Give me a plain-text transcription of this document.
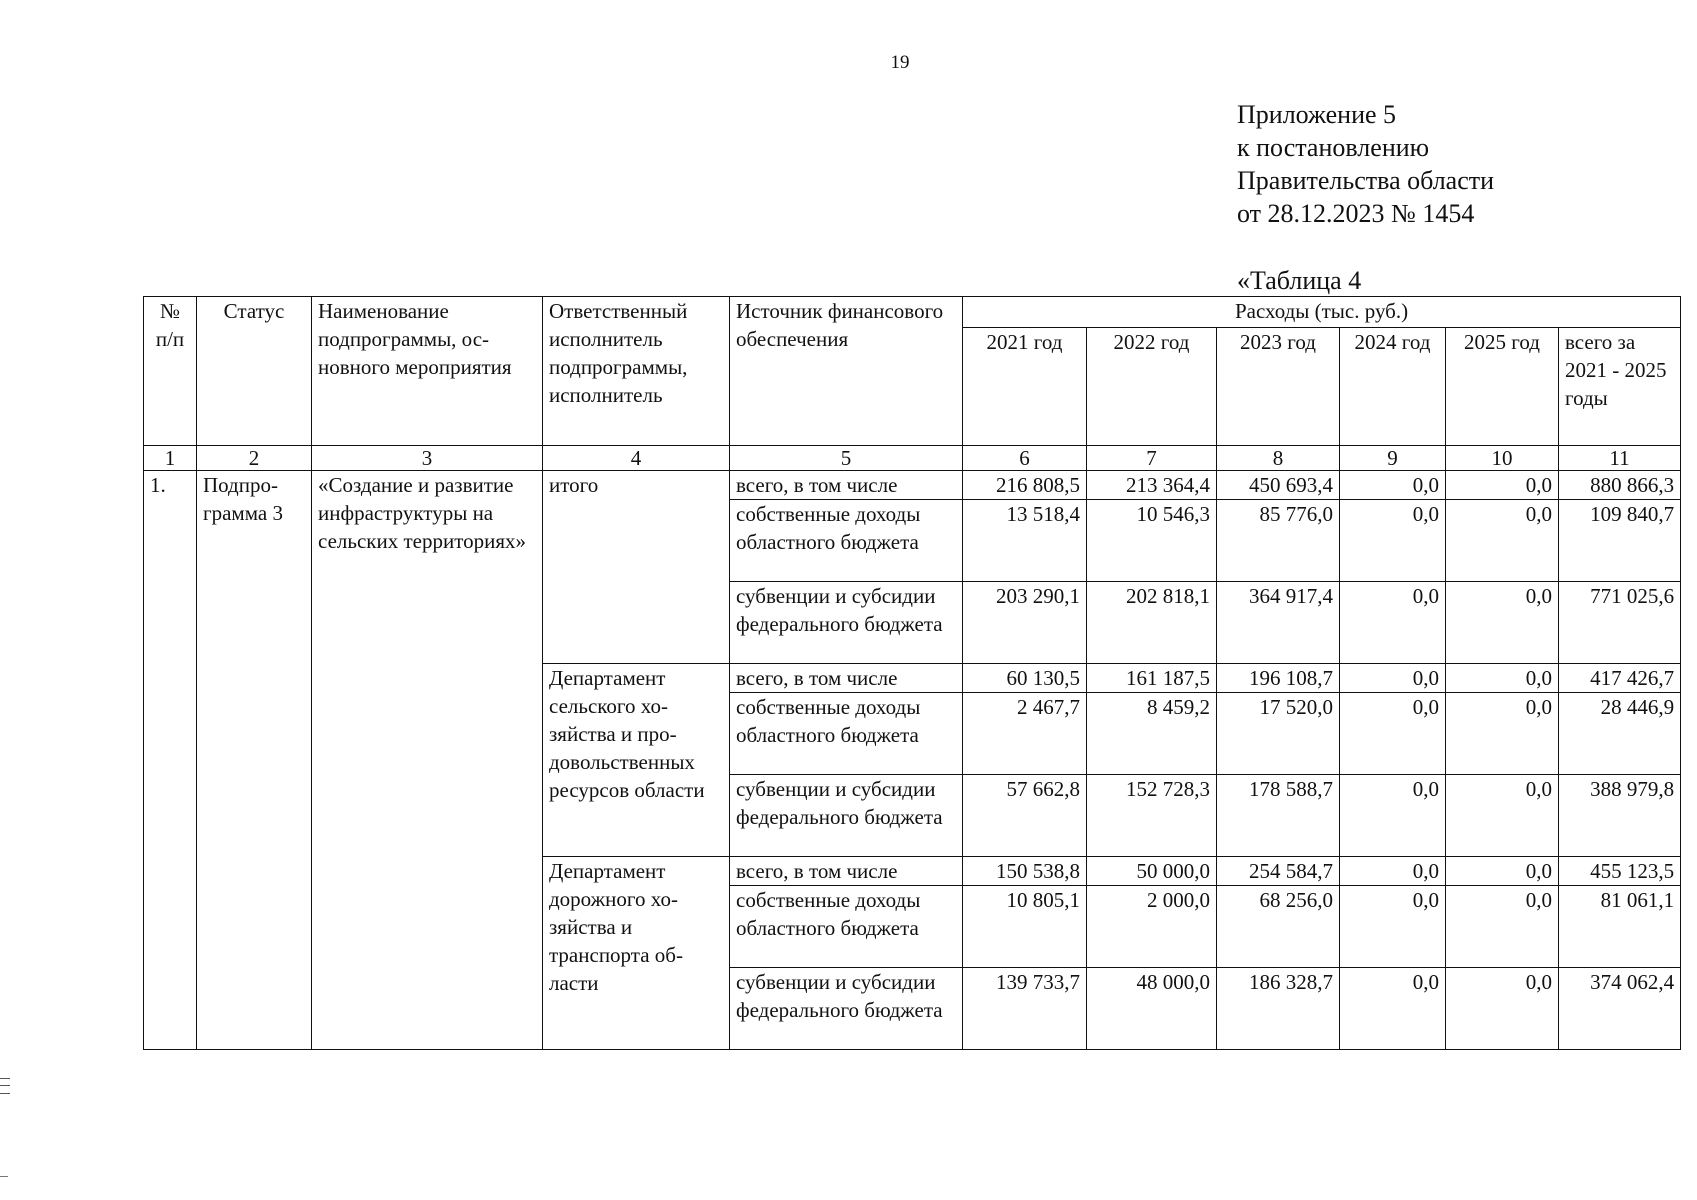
19
Приложение 5
к постановлению
Правительства области
от 28.12.2023 № 1454
«Таблица 4
№ п/п	Статус	Наименование подпрограммы, основного мероприятия	Ответственный исполнитель подпрограммы, исполнитель	Источник финансового обеспечения	Расходы (тыс. руб.)					
					2021 год	2022 год	2023 год	2024 год	2025 год	всего за 2021 - 2025 годы
1	2	3	4	5	6	7	8	9	10	11
1.	Подпрограмма 3	«Создание и развитие инфраструктуры на сельских территориях»	итого	всего, в том числе	216 808,5	213 364,4	450 693,4	0,0	0,0	880 866,3
				собственные доходы областного бюджета	13 518,4	10 546,3	85 776,0	0,0	0,0	109 840,7
				субвенции и субсидии федерального бюджета	203 290,1	202 818,1	364 917,4	0,0	0,0	771 025,6
			Департамент сельского хозяйства и продовольственных ресурсов области	всего, в том числе	60 130,5	161 187,5	196 108,7	0,0	0,0	417 426,7
				собственные доходы областного бюджета	2 467,7	8 459,2	17 520,0	0,0	0,0	28 446,9
				субвенции и субсидии федерального бюджета	57 662,8	152 728,3	178 588,7	0,0	0,0	388 979,8
			Департамент дорожного хозяйства и транспорта области	всего, в том числе	150 538,8	50 000,0	254 584,7	0,0	0,0	455 123,5
				собственные доходы областного бюджета	10 805,1	2 000,0	68 256,0	0,0	0,0	81 061,1
				субвенции и субсидии федерального бюджета	139 733,7	48 000,0	186 328,7	0,0	0,0	374 062,4
